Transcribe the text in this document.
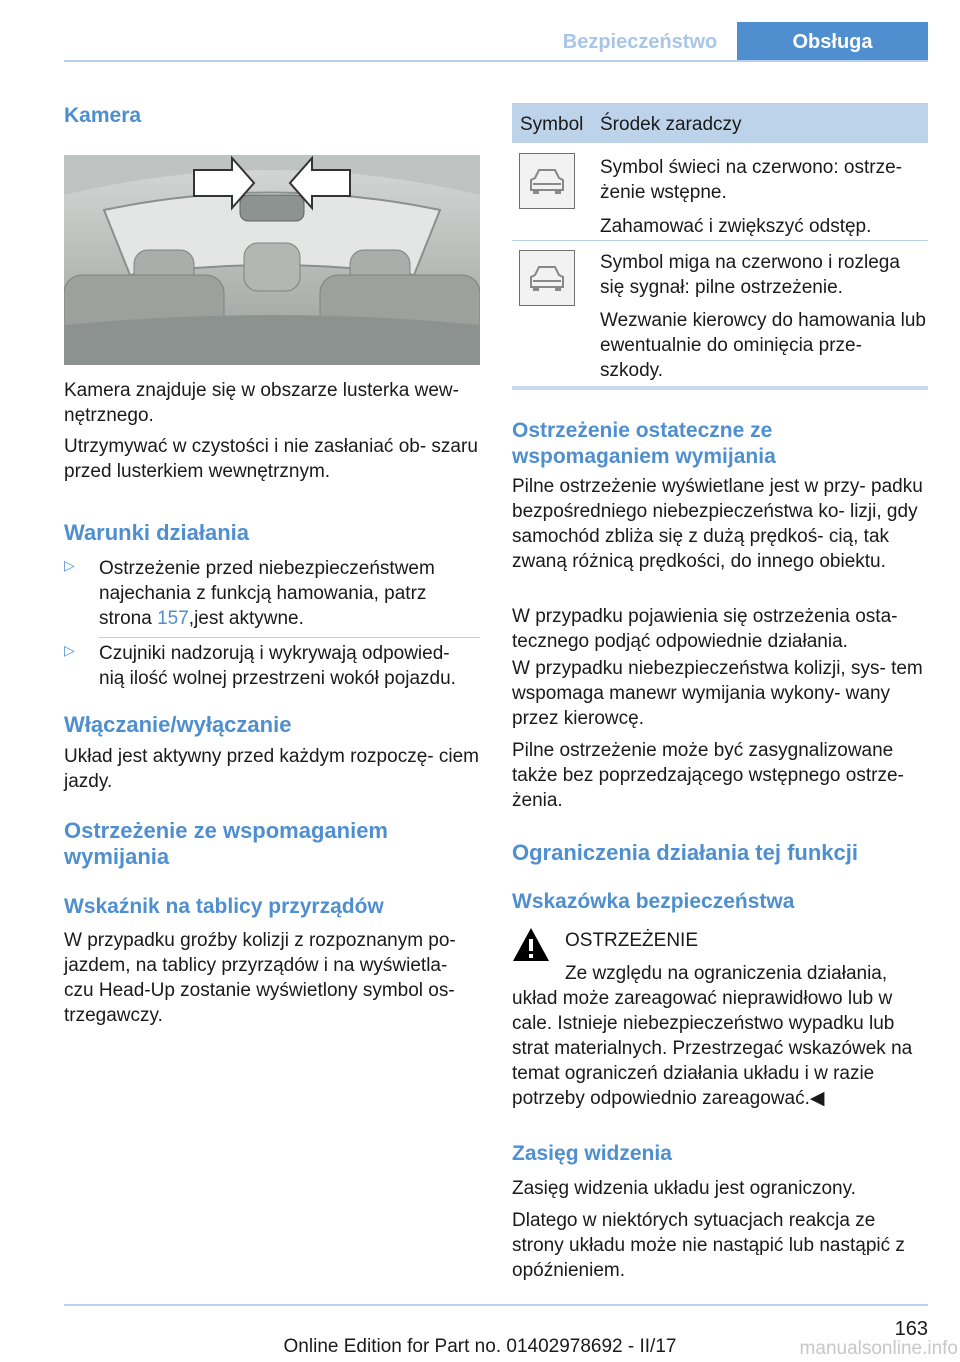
Bezpieczeństwo	Obsługa
Kamera

Kamera znajduje się w obszarze lusterka wew‐ nętrznego.

Utrzymywać w czystości i nie zasłaniać ob‐ szaru przed lusterkiem wewnętrznym.

Warunki działania
▷ Ostrzeżenie przed niebezpieczeństwem najechania z funkcją hamowania, patrz strona 157,jest aktywne.
▷ Czujniki nadzorują i wykrywają odpowied‐ nią ilość wolnej przestrzeni wokół pojazdu.
Włączanie/wyłączanie

Układ jest aktywny przed każdym rozpoczę‐ ciem jazdy.

Ostrzeżenie ze wspomaganiem wymijania
Wskaźnik na tablicy przyrządów

W przypadku groźby kolizji z rozpoznanym po‐ jazdem, na tablicy przyrządów i na wyświetla‐ czu Head-Up zostanie wyświetlony symbol os‐ trzegawczy.

Symbol Środek zaradczy

Symbol świeci na czerwono: ostrze‐ żenie wstępne.

Zahamować i zwiększyć odstęp.

Symbol miga na czerwono i rozlega się sygnał: pilne ostrzeżenie.

Wezwanie kierowcy do hamowania lub ewentualnie do ominięcia prze‐ szkody.

Ostrzeżenie ostateczne ze wspomaganiem wymijania

Pilne ostrzeżenie wyświetlane jest w przy‐ padku bezpośredniego niebezpieczeństwa ko‐ lizji, gdy samochód zbliża się z dużą prędkoś‐ cią, tak zwaną różnicą prędkości, do innego obiektu.

W przypadku pojawienia się ostrzeżenia osta‐ tecznego podjąć odpowiednie działania.

W przypadku niebezpieczeństwa kolizji, sys‐ tem wspomaga manewr wymijania wykony‐ wany przez kierowcę.

Pilne ostrzeżenie może być zasygnalizowane także bez poprzedzającego wstępnego ostrze‐ żenia.

Ograniczenia działania tej funkcji
Wskazówka bezpieczeństwa

OSTRZEŻENIE

Ze względu na ograniczenia działania,

układ może zareagować nieprawidłowo lub w cale. Istnieje niebezpieczeństwo wypadku lub strat materialnych. Przestrzegać wskazówek na temat ograniczeń działania układu i w razie potrzeby odpowiednio zareagować.◀

Zasięg widzenia

Zasięg widzenia układu jest ograniczony.

Dlatego w niektórych sytuacjach reakcja ze strony układu może nie nastąpić lub nastąpić z opóźnieniem.

163
manualsonline.info
Online Edition for Part no. 01402978692 - II/17
